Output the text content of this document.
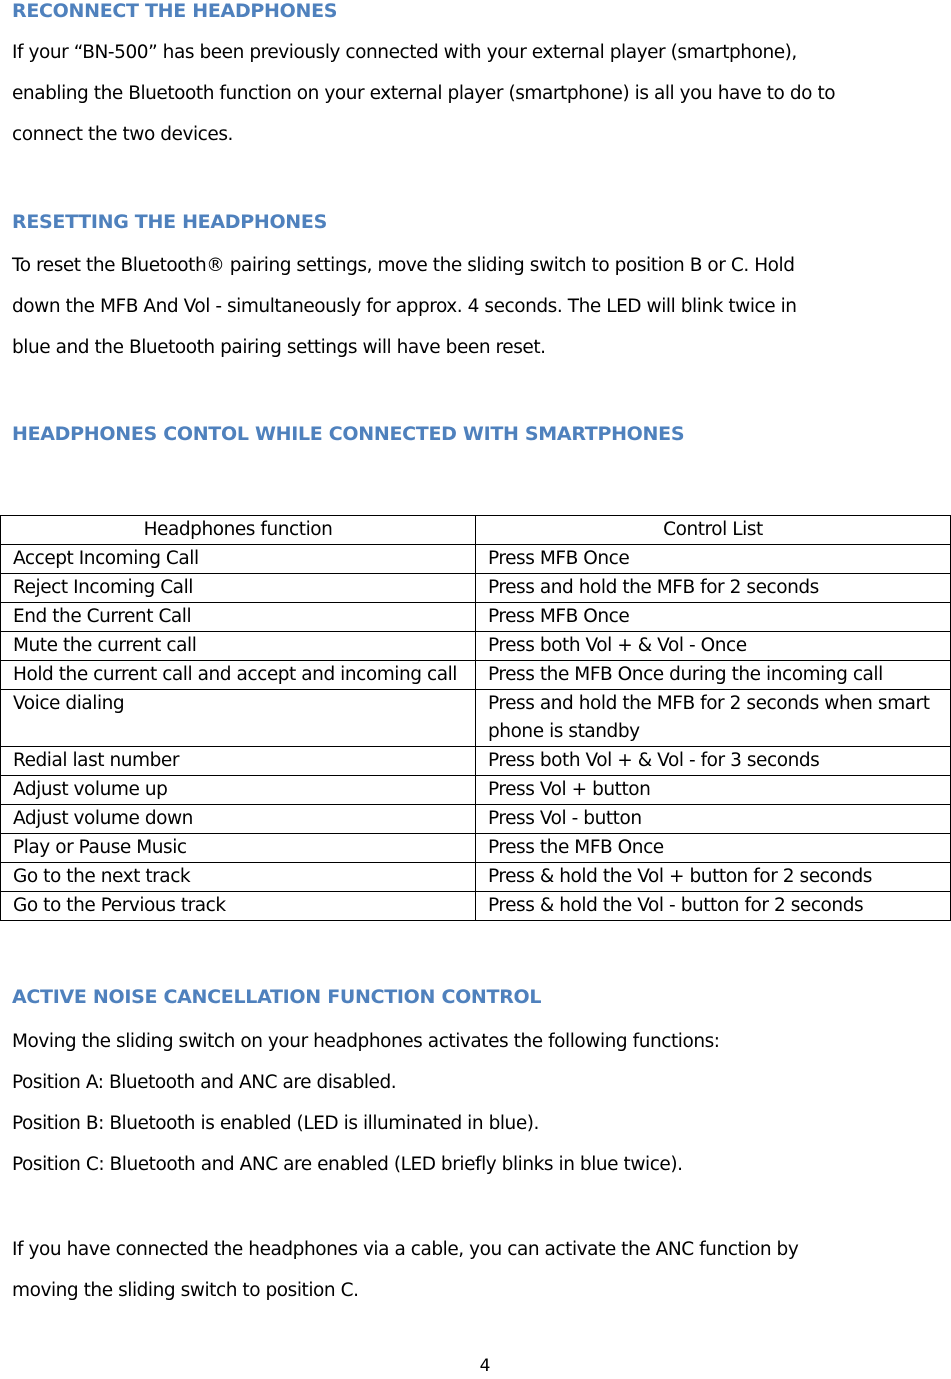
RECONNECT THE HEADPHONES

If your “BN-500” has been previously connected with your external player (smartphone),
enabling the Bluetooth function on your external player (smartphone) is all you have to do to
connect the two devices.

RESETTING THE HEADPHONES

To reset the Bluetooth® pairing settings, move the sliding switch to position B or C. Hold
down the MFB And Vol - simultaneously for approx. 4 seconds. The LED will blink twice in
blue and the Bluetooth pairing settings will have been reset.

HEADPHONES CONTOL WHILE CONNECTED WITH SMARTPHONES
Headphones function	Control List
Accept Incoming Call	Press MFB Once
Reject Incoming Call	Press and hold the MFB for 2 seconds
End the Current Call	Press MFB Once
Mute the current call	Press both Vol + & Vol - Once
Hold the current call and accept and incoming call	Press the MFB Once during the incoming call
Voice dialing	Press and hold the MFB for 2 seconds when smart phone is standby
Redial last number	Press both Vol + & Vol - for 3 seconds
Adjust volume up	Press Vol + button
Adjust volume down	Press Vol - button
Play or Pause Music	Press the MFB Once
Go to the next track	Press & hold the Vol + button for 2 seconds
Go to the Pervious track	Press & hold the Vol - button for 2 seconds
ACTIVE NOISE CANCELLATION FUNCTION CONTROL

Moving the sliding switch on your headphones activates the following functions:
Position A: Bluetooth and ANC are disabled.
Position B: Bluetooth is enabled (LED is illuminated in blue).
Position C: Bluetooth and ANC are enabled (LED briefly blinks in blue twice).

If you have connected the headphones via a cable, you can activate the ANC function by
moving the sliding switch to position C.

4
